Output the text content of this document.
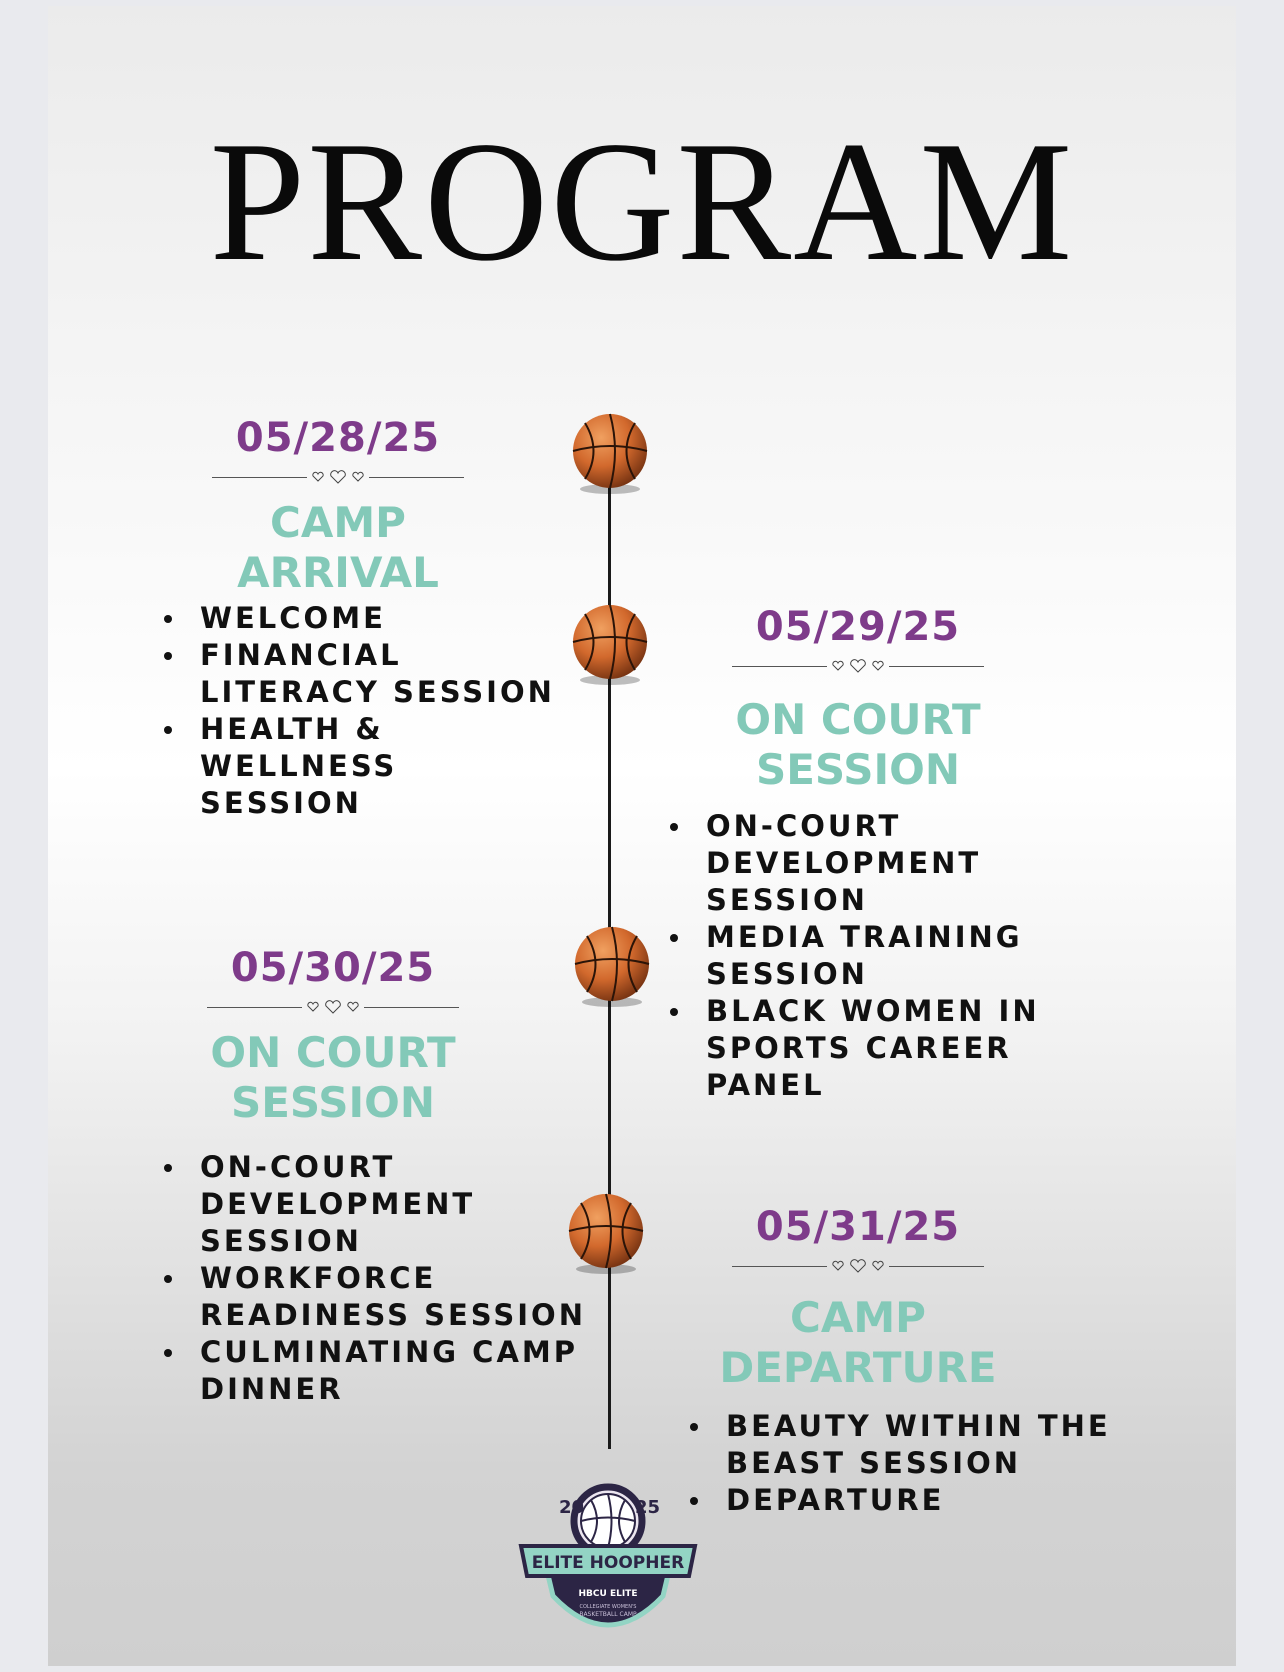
PROGRAM
05/28/25
CAMP
ARRIVAL
WELCOME
FINANCIAL LITERACY SESSION
HEALTH & WELLNESS SESSION
05/29/25
ON COURT
SESSION
ON-COURT DEVELOPMENT SESSION
MEDIA TRAINING SESSION
BLACK WOMEN IN SPORTS CAREER PANEL
05/30/25
ON COURT
SESSION
ON-COURT DEVELOPMENT SESSION
WORKFORCE READINESS SESSION
CULMINATING CAMP DINNER
05/31/25
CAMP
DEPARTURE
BEAUTY WITHIN THE BEAST SESSION
DEPARTURE
20	25
ELITE HOOPHER
HBCU ELITE
COLLEGIATE WOMEN'S
BASKETBALL CAMP
